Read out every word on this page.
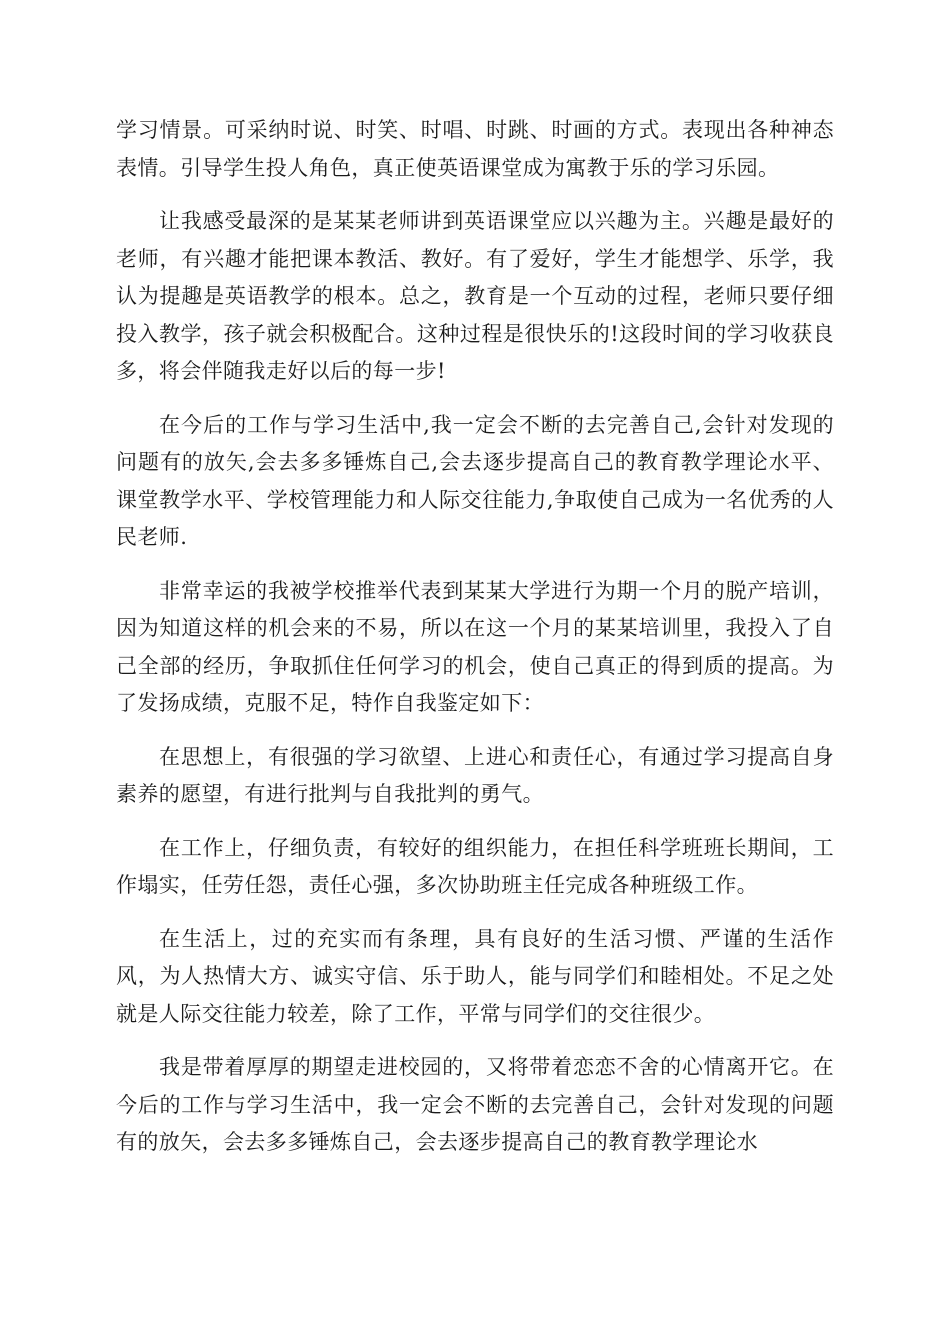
学习情景。可采纳时说、时笑、时唱、时跳、时画的方式。表现出各种神态表情。引导学生投人角色，真正使英语课堂成为寓教于乐的学习乐园。

让我感受最深的是某某老师讲到英语课堂应以兴趣为主。兴趣是最好的老师，有兴趣才能把课本教活、教好。有了爱好，学生才能想学、乐学，我认为提趣是英语教学的根本。总之，教育是一个互动的过程，老师只要仔细投入教学，孩子就会积极配合。这种过程是很快乐的!这段时间的学习收获良多，将会伴随我走好以后的每一步!

在今后的工作与学习生活中,我一定会不断的去完善自己,会针对发现的问题有的放矢,会去多多锤炼自己,会去逐步提高自己的教育教学理论水平、课堂教学水平、学校管理能力和人际交往能力,争取使自己成为一名优秀的人民老师.

非常幸运的我被学校推举代表到某某大学进行为期一个月的脱产培训，因为知道这样的机会来的不易，所以在这一个月的某某培训里，我投入了自己全部的经历，争取抓住任何学习的机会，使自己真正的得到质的提高。为了发扬成绩，克服不足，特作自我鉴定如下：

在思想上，有很强的学习欲望、上进心和责任心，有通过学习提高自身素养的愿望，有进行批判与自我批判的勇气。

在工作上，仔细负责，有较好的组织能力，在担任科学班班长期间，工作塌实，任劳任怨，责任心强，多次协助班主任完成各种班级工作。

在生活上，过的充实而有条理，具有良好的生活习惯、严谨的生活作风，为人热情大方、诚实守信、乐于助人，能与同学们和睦相处。不足之处就是人际交往能力较差，除了工作，平常与同学们的交往很少。

我是带着厚厚的期望走进校园的，又将带着恋恋不舍的心情离开它。在今后的工作与学习生活中，我一定会不断的去完善自己，会针对发现的问题有的放矢，会去多多锤炼自己，会去逐步提高自己的教育教学理论水
